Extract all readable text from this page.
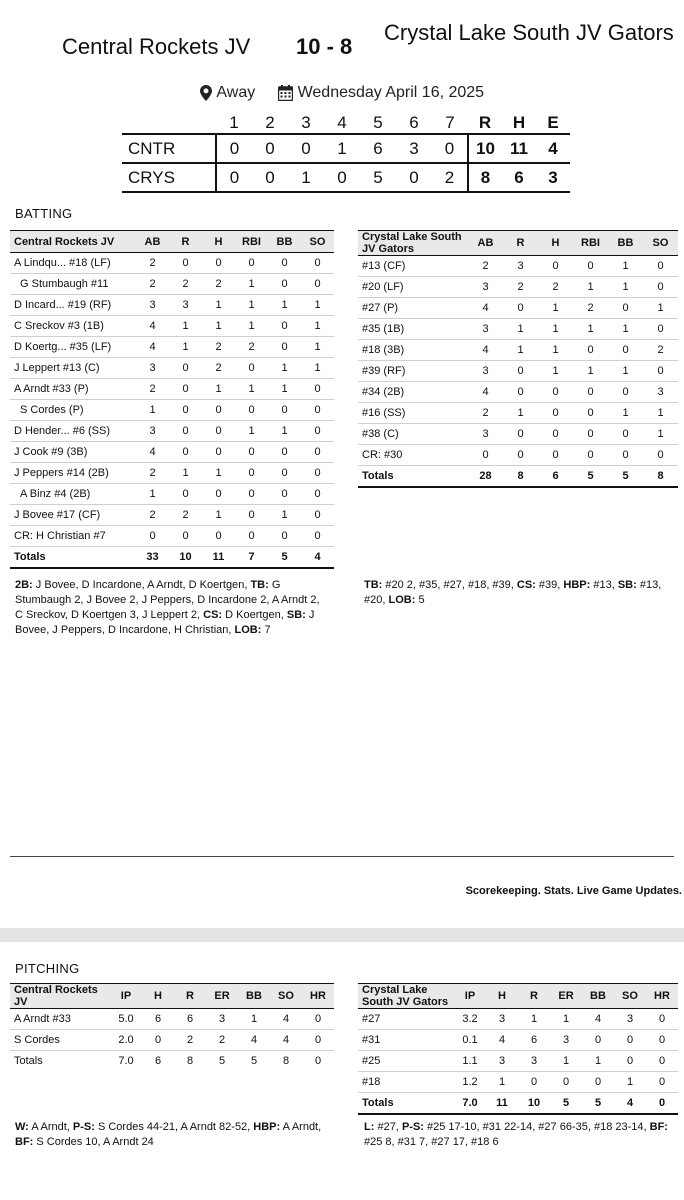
Central Rockets JV 10 - 8
Crystal Lake South JV Gators
Away	Wednesday April 16, 2025
	1	2	3	4	5	6	7	R	H	E
CNTR	0	0	0	1	6	3	0	10	11	4
CRYS	0	0	1	0	5	0	2	8	6	3
BATTING
Central Rockets JV	AB	R	H	RBI	BB	SO
A Lindqu... #18 (LF)	2	0	0	0	0	0
G Stumbaugh #11	2	2	2	1	0	0
D Incard... #19 (RF)	3	3	1	1	1	1
C Sreckov #3 (1B)	4	1	1	1	0	1
D Koertg... #35 (LF)	4	1	2	2	0	1
J Leppert #13 (C)	3	0	2	0	1	1
A Arndt #33 (P)	2	0	1	1	1	0
S Cordes (P)	1	0	0	0	0	0
D Hender... #6 (SS)	3	0	0	1	1	0
J Cook #9 (3B)	4	0	0	0	0	0
J Peppers #14 (2B)	2	1	1	0	0	0
A Binz #4 (2B)	1	0	0	0	0	0
J Bovee #17 (CF)	2	2	1	0	1	0
CR: H Christian #7	0	0	0	0	0	0
Totals	33	10	11	7	5	4
Crystal Lake South JV Gators	AB	R	H	RBI	BB	SO
#13 (CF)	2	3	0	0	1	0
#20 (LF)	3	2	2	1	1	0
#27 (P)	4	0	1	2	0	1
#35 (1B)	3	1	1	1	1	0
#18 (3B)	4	1	1	0	0	2
#39 (RF)	3	0	1	1	1	0
#34 (2B)	4	0	0	0	0	3
#16 (SS)	2	1	0	0	1	1
#38 (C)	3	0	0	0	0	1
CR: #30	0	0	0	0	0	0
Totals	28	8	6	5	5	8
2B: J Bovee, D Incardone, A Arndt, D Koertgen, TB: G Stumbaugh 2, J Bovee 2, J Peppers, D Incardone 2, A Arndt 2, C Sreckov, D Koertgen 3, J Leppert 2, CS: D Koertgen, SB: J Bovee, J Peppers, D Incardone, H Christian, LOB: 7
TB: #20 2, #35, #27, #18, #39, CS: #39, HBP: #13, SB: #13, #20, LOB: 5
Scorekeeping. Stats. Live Game Updates.
PITCHING
Central Rockets JV	IP	H	R	ER	BB	SO	HR
A Arndt #33	5.0	6	6	3	1	4	0
S Cordes	2.0	0	2	2	4	4	0
Totals	7.0	6	8	5	5	8	0
Crystal Lake South JV Gators	IP	H	R	ER	BB	SO	HR
#27	3.2	3	1	1	4	3	0
#31	0.1	4	6	3	0	0	0
#25	1.1	3	3	1	1	0	0
#18	1.2	1	0	0	0	1	0
Totals	7.0	11	10	5	5	4	0
W: A Arndt, P-S: S Cordes 44-21, A Arndt 82-52, HBP: A Arndt, BF: S Cordes 10, A Arndt 24
L: #27, P-S: #25 17-10, #31 22-14, #27 66-35, #18 23-14, BF: #25 8, #31 7, #27 17, #18 6
